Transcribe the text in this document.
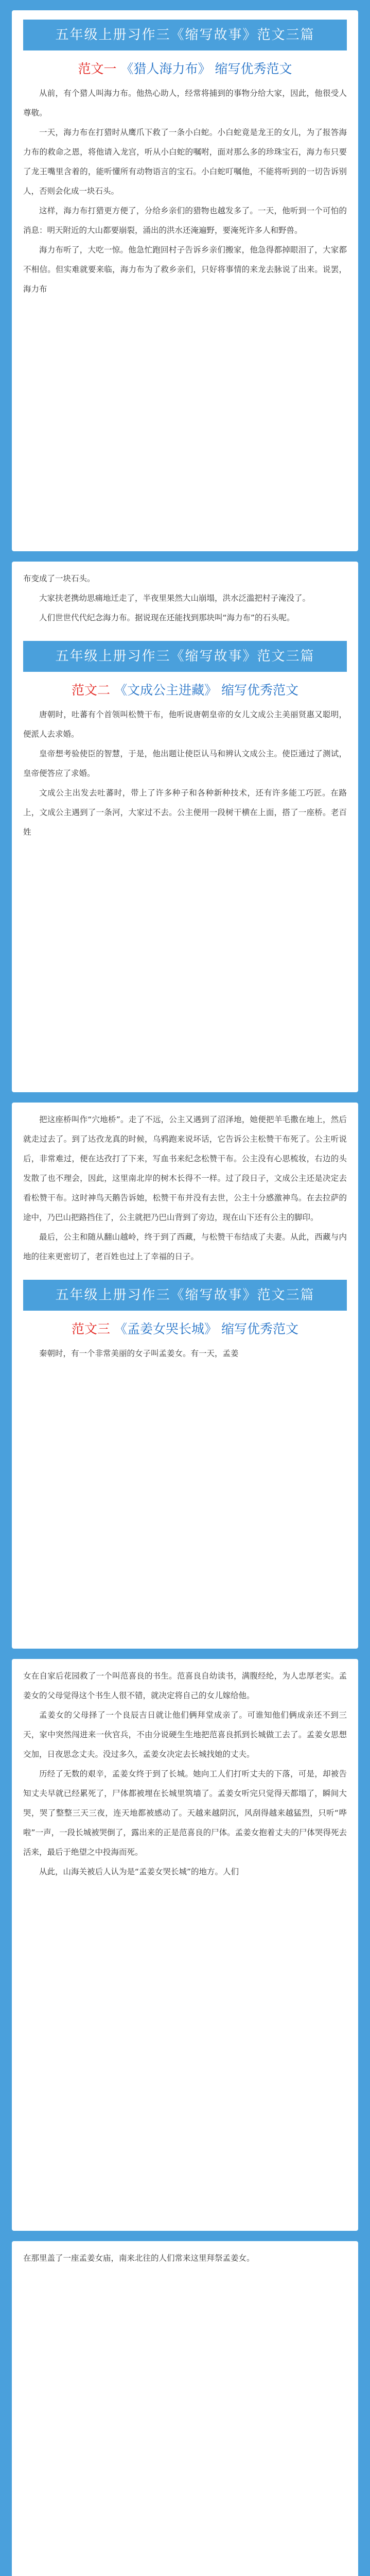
五年级上册习作三《缩写故事》范文三篇
范文一 《猎人海力布》 缩写优秀范文

从前，有个猎人叫海力布。他热心助人，经常将捕到的事物分给大家，因此，他很受人尊敬。

一天，海力布在打猎时从鹰爪下救了一条小白蛇。小白蛇竟是龙王的女儿，为了报答海力布的救命之恩，将他请入龙宫，听从小白蛇的嘱咐，面对那么多的珍珠宝石，海力布只要了龙王嘴里含着的，能听懂所有动物语言的宝石。小白蛇叮嘱他，不能将听到的一切告诉别人，否则会化成一块石头。

这样，海力布打猎更方便了，分给乡亲们的猎物也越发多了。一天，他听到一个可怕的消息：明天附近的大山都要崩裂，涌出的洪水还淹遍野，要淹死许多人和野兽。

海力布听了，大吃一惊。他急忙跑回村子告诉乡亲们搬家，他急得都掉眼泪了，大家都不相信。但实难就要来临，海力布为了救乡亲们，只好将事情的来龙去脉说了出来。说罢，海力布

布变成了一块石头。

大家扶老携幼思痛地迁走了，半夜里果然大山崩塌，洪水泛滥把村子淹没了。

人们世世代代纪念海力布。据说现在还能找到那块叫“海力布”的石头呢。

五年级上册习作三《缩写故事》范文三篇
范文二 《文成公主进藏》 缩写优秀范文

唐朝时，吐蕃有个首领叫松赞干布，他听说唐朝皇帝的女儿文成公主美丽贤惠又聪明，便派人去求婚。

皇帝想考验使臣的智慧，于是，他出题让使臣认马和辨认文成公主。使臣通过了测试，皇帝便答应了求婚。

文成公主出发去吐蕃时，带上了许多种子和各种新种技术，还有许多能工巧匠。在路上，文成公主遇到了一条河，大家过不去。公主便用一段树干横在上面，搭了一座桥。老百姓

把这座桥叫作“穴地桥”。走了不远，公主又遇到了沼泽地，她便把羊毛撒在地上，然后就走过去了。到了达孜龙真的时候，乌鸦跑来说坏话，它告诉公主松赞干布死了。公主听说后，非常难过，便在达孜打了下来，写血书来纪念松赞干布。公主没有心思梳妆，右边的头发散了也不理会，因此，这里南北岸的树木长得不一样。过了段日子，文成公主还是决定去看松赞干布。这时神鸟天鹅告诉她，松赞干布并没有去世，公主十分感激神鸟。在去拉萨的途中，乃巴山把路挡住了，公主就把乃巴山背到了旁边，现在山下还有公主的脚印。

最后，公主和随从翻山越岭，终于到了西藏，与松赞干布结成了夫妻。从此，西藏与内地的往来更密切了，老百姓也过上了幸福的日子。

五年级上册习作三《缩写故事》范文三篇
范文三 《孟姜女哭长城》 缩写优秀范文

秦朝时，有一个非常美丽的女子叫孟姜女。有一天，孟姜

女在自家后花园救了一个叫范喜良的书生。范喜良自幼读书，满腹经纶，为人忠厚老实。孟姜女的父母觉得这个书生人很不错，就决定将自己的女儿嫁给他。

孟姜女的父母择了一个良辰吉日就让他们俩拜堂成亲了。可谁知他们俩成亲还不到三天，家中突然闯进来一伙官兵，不由分说硬生生地把范喜良抓到长城做工去了。孟姜女思想交加，日夜思念丈夫。没过多久，孟姜女决定去长城找她的丈夫。

历经了无数的艰辛，孟姜女终于到了长城。她向工人们打听丈夫的下落，可是，却被告知丈夫早就已经累死了，尸体都被埋在长城里筑墙了。孟姜女听完只觉得天都塌了，瞬间大哭，哭了整整三天三夜，连天地都被感动了。天越来越阴沉，风刮得越来越猛烈，只听“哗啦”一声，一段长城被哭倒了，露出来的正是范喜良的尸体。孟姜女抱着丈夫的尸体哭得死去活来，最后于绝望之中投海而死。

从此，山海关被后人认为是“孟姜女哭长城”的地方。人们

在那里盖了一座孟姜女庙，南来北往的人们常来这里拜祭孟姜女。
